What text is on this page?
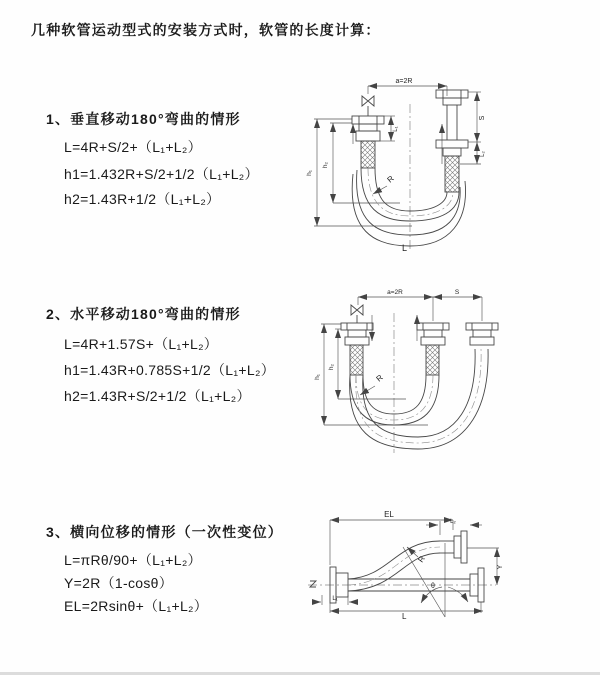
几种软管运动型式的安装方式时，软管的长度计算：
1、垂直移动180°弯曲的情形
L=4R+S/2+（L₁+L₂）
h1=1.432R+S/2+1/2（L₁+L₂）
h2=1.43R+1/2（L₁+L₂）
a=2R
h₁
h₂
L₁
S
L₂
R
L
2、水平移动180°弯曲的情形
L=4R+1.57S+（L₁+L₂）
h1=1.43R+0.785S+1/2（L₁+L₂）
h2=1.43R+S/2+1/2（L₁+L₂）
a=2R	S
h₁
h₂
R
3、横向位移的情形（一次性变位）
L=πRθ/90+（L₁+L₂）
Y=2R（1-cosθ）
EL=2Rsinθ+（L₁+L₂）
EL
L₂
Y
R
θ
L
L₁
